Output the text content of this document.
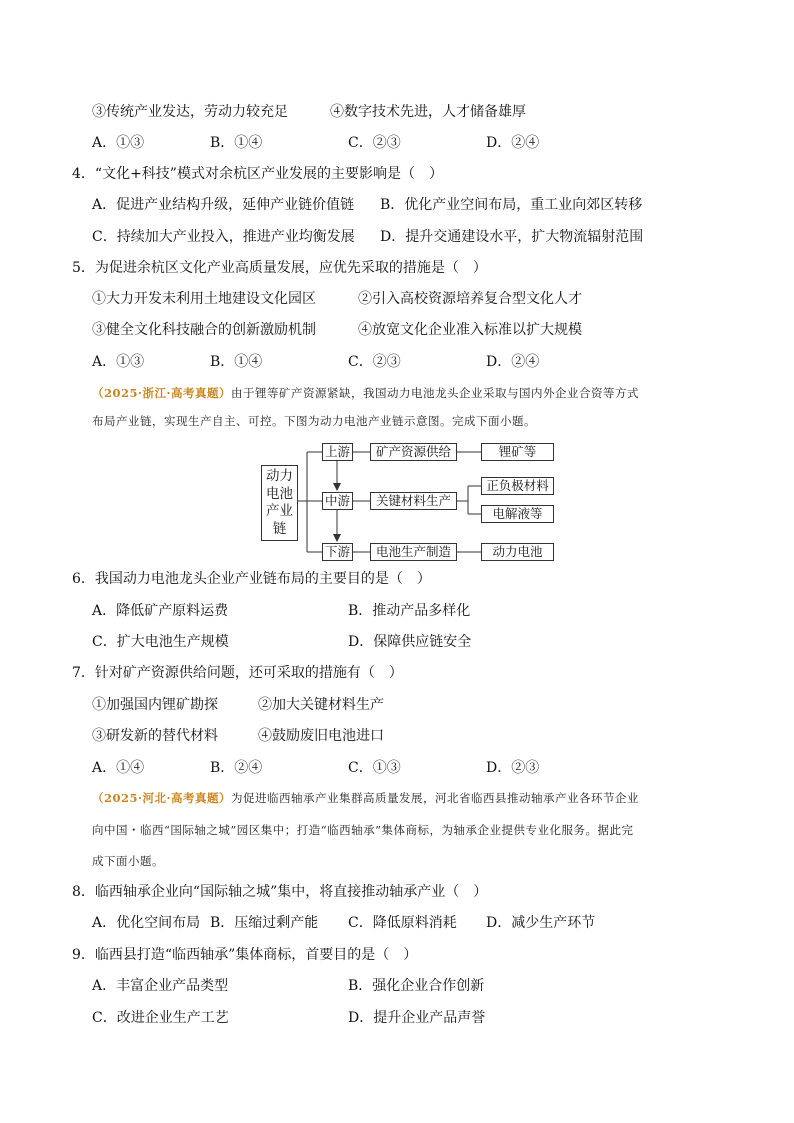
③传统产业发达，劳动力较充足	④数字技术先进，人才储备雄厚
A．①③	B．①④	C．②③	D．②④
4．“文化+科技”模式对余杭区产业发展的主要影响是（　）
A．促进产业结构升级，延伸产业链价值链 B．优化产业空间布局，重工业向郊区转移
C．持续加大产业投入，推进产业均衡发展 D．提升交通建设水平，扩大物流辐射范围
5．为促进余杭区文化产业高质量发展，应优先采取的措施是（　）
①大力开发未利用土地建设文化园区	②引入高校资源培养复合型文化人才
③健全文化科技融合的创新激励机制	④放宽文化企业准入标准以扩大规模
A．①③	B．①④	C．②③	D．②④
（2025·浙江·高考真题）由于锂等矿产资源紧缺，我国动力电池龙头企业采取与国内外企业合资等方式
布局产业链，实现生产自主、可控。下图为动力电池产业链示意图。完成下面小题。
动力
电池
产业
链
上游
中游
下游
矿产资源供给
关键材料生产
电池生产制造
锂矿等
正负极材料
电解液等
动力电池
6．我国动力电池龙头企业产业链布局的主要目的是（　）
A．降低矿产原料运费	B．推动产品多样化
C．扩大电池生产规模	D．保障供应链安全
7．针对矿产资源供给问题，还可采取的措施有（　）
①加强国内锂矿勘探	②加大关键材料生产
③研发新的替代材料	④鼓励废旧电池进口
A．①④	B．②④	C．①③	D．②③
（2025·河北·高考真题）为促进临西轴承产业集群高质量发展，河北省临西县推动轴承产业各环节企业
向中国・临西“国际轴之城”园区集中；打造“临西轴承”集体商标，为轴承企业提供专业化服务。据此完
成下面小题。
8．临西轴承企业向“国际轴之城”集中，将直接推动轴承产业（　）
A．优化空间布局 B．压缩过剩产能 C．降低原料消耗 D．减少生产环节
9．临西县打造“临西轴承”集体商标，首要目的是（　）
A．丰富企业产品类型	B．强化企业合作创新
C．改进企业生产工艺	D．提升企业产品声誉
